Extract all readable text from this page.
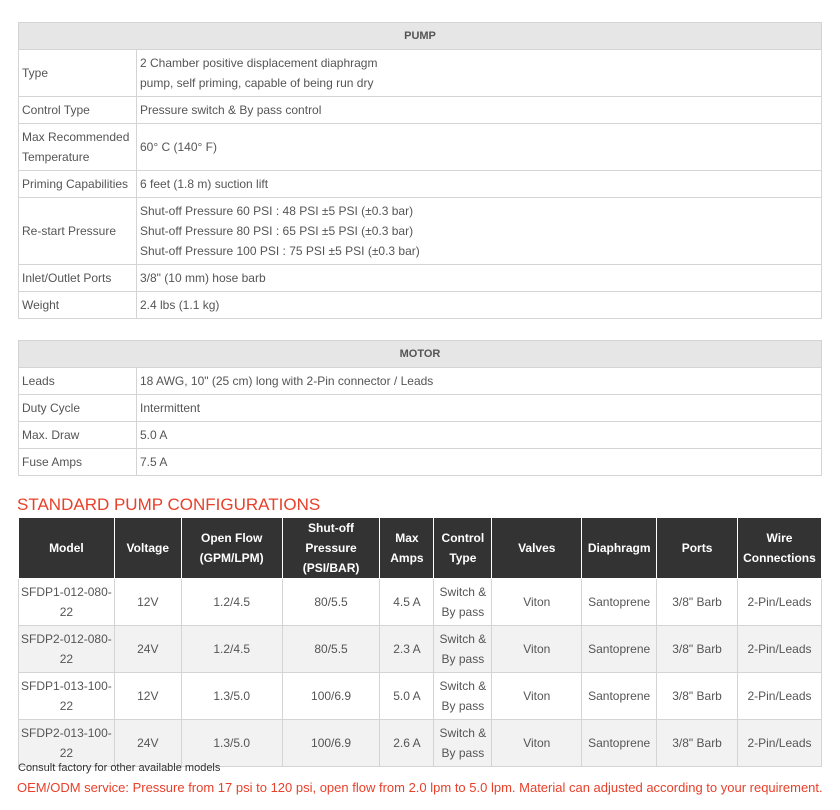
PUMP	
Type	2 Chamber positive displacement diaphragm
pump, self priming, capable of being run dry

Control Type	Pressure switch & By pass control

Max Recommended Temperature	60° C (140° F)

Priming Capabilities	6 feet (1.8 m) suction lift

Re-start Pressure	Shut-off Pressure 60 PSI : 48 PSI ±5 PSI (±0.3 bar)
Shut-off Pressure 80 PSI : 65 PSI ±5 PSI (±0.3 bar)
Shut-off Pressure 100 PSI : 75 PSI ±5 PSI (±0.3 bar)

Inlet/Outlet Ports	3/8" (10 mm) hose barb

Weight	2.4 lbs (1.1 kg)
MOTOR	
Leads	18 AWG, 10" (25 cm) long with 2-Pin connector / Leads

Duty Cycle	Intermittent

Max. Draw	5.0 A

Fuse Amps	7.5 A
STANDARD PUMP CONFIGURATIONS
Model	Voltage	Open Flow (GPM/LPM)	Shut-off Pressure (PSI/BAR)	Max Amps	Control Type	Valves	Diaphragm	Ports	Wire Connections
SFDP1-012-080-22	12V	1.2/4.5	80/5.5	4.5 A	Switch & By pass	Viton	Santoprene	3/8" Barb	2-Pin/Leads
SFDP2-012-080-22	24V	1.2/4.5	80/5.5	2.3 A	Switch & By pass	Viton	Santoprene	3/8" Barb	2-Pin/Leads
SFDP1-013-100-22	12V	1.3/5.0	100/6.9	5.0 A	Switch & By pass	Viton	Santoprene	3/8" Barb	2-Pin/Leads
SFDP2-013-100-22	24V	1.3/5.0	100/6.9	2.6 A	Switch & By pass	Viton	Santoprene	3/8" Barb	2-Pin/Leads
Consult factory for other available models
OEM/ODM service: Pressure from 17 psi to 120 psi, open flow from 2.0 lpm to 5.0 lpm. Material can adjusted according to your requirement.
